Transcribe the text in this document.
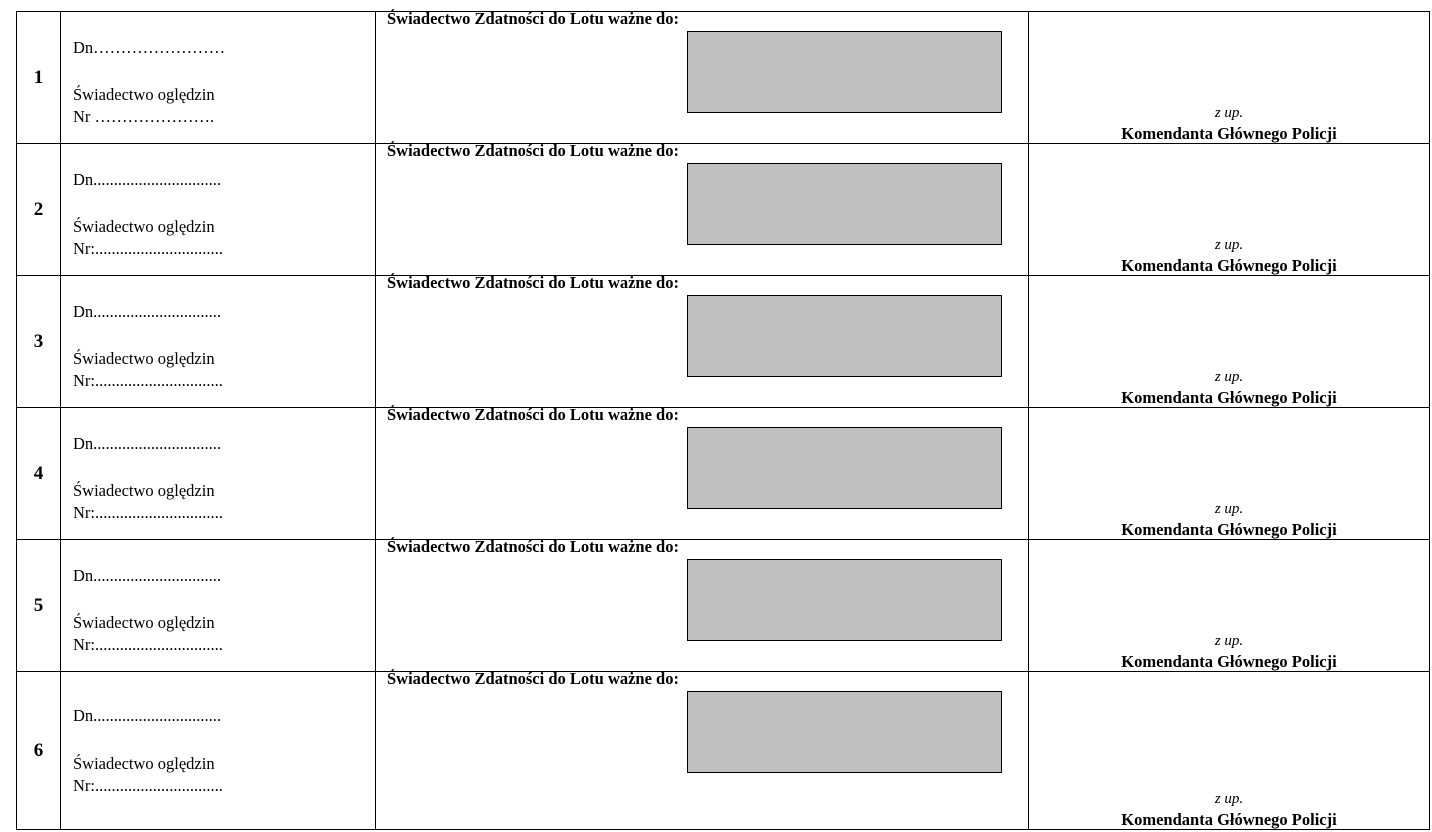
1	Dn……………………
Świadectwo oględzin
Nr ………………….	Świadectwo Zdatności do Lotu ważne do:	z up.
Komendanta Głównego Policji

2	Dn...............................
Świadectwo oględzin
Nr:...............................	Świadectwo Zdatności do Lotu ważne do:	z up.
Komendanta Głównego Policji

3	Dn...............................
Świadectwo oględzin
Nr:...............................	Świadectwo Zdatności do Lotu ważne do:	z up.
Komendanta Głównego Policji

4	Dn...............................
Świadectwo oględzin
Nr:...............................	Świadectwo Zdatności do Lotu ważne do:	z up.
Komendanta Głównego Policji

5	Dn...............................
Świadectwo oględzin
Nr:...............................	Świadectwo Zdatności do Lotu ważne do:	z up.
Komendanta Głównego Policji

6	Dn...............................
Świadectwo oględzin
Nr:...............................	Świadectwo Zdatności do Lotu ważne do:	z up.
Komendanta Głównego Policji
